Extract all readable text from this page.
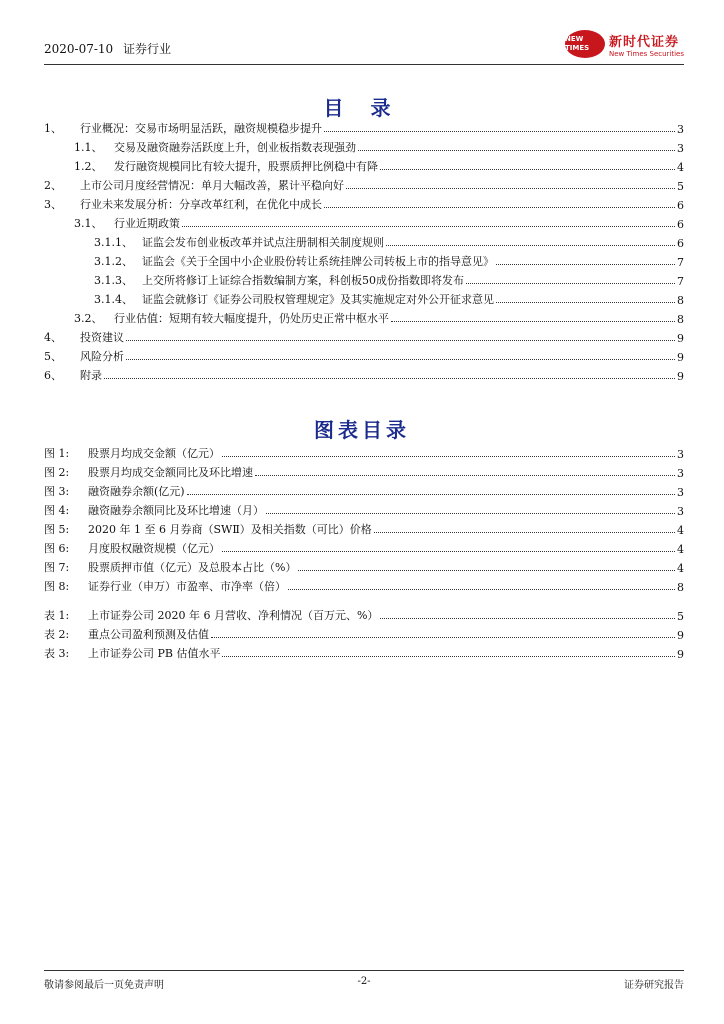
2020-07-10 证券行业
NEW TIMES	新时代证券
New Times Securities
目 录
1、	行业概况：交易市场明显活跃，融资规模稳步提升	3
1.1、	交易及融资融券活跃度上升，创业板指数表现强劲	3
1.2、	发行融资规模同比有较大提升，股票质押比例稳中有降	4
2、	上市公司月度经营情况：单月大幅改善，累计平稳向好	5
3、	行业未来发展分析：分享改革红利，在优化中成长	6
3.1、	行业近期政策	6
3.1.1、 证监会发布创业板改革并试点注册制相关制度规则	6
3.1.2、 证监会《关于全国中小企业股份转让系统挂牌公司转板上市的指导意见》	7
3.1.3、 上交所将修订上证综合指数编制方案，科创板50成份指数即将发布	7
3.1.4、 证监会就修订《证券公司股权管理规定》及其实施规定对外公开征求意见	8
3.2、	行业估值：短期有较大幅度提升，仍处历史正常中枢水平	8
4、	投资建议	9
5、	风险分析	9
6、	附录	9
图表目录
图 1:	股票月均成交金额（亿元）	3
图 2:	股票月均成交金额同比及环比增速	3
图 3:	融资融券余额(亿元)	3
图 4:	融资融券余额同比及环比增速（月）	3
图 5:	2020 年 1 至 6 月券商（SWⅡ）及相关指数（可比）价格	4
图 6:	月度股权融资规模（亿元）	4
图 7:	股票质押市值（亿元）及总股本占比（%）	4
图 8:	证券行业（申万）市盈率、市净率（倍）	8
表 1:	上市证券公司 2020 年 6 月营收、净利情况（百万元、%）	5
表 2:	重点公司盈利预测及估值	9
表 3:	上市证券公司 PB 估值水平	9
敬请参阅最后一页免责声明	-2-	证券研究报告
